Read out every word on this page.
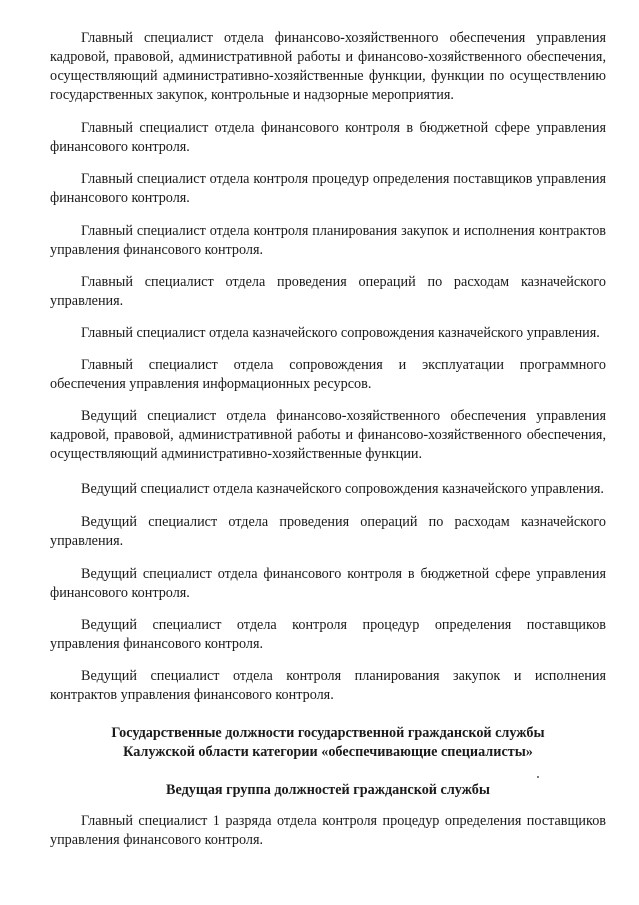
Главный специалист отдела финансово-хозяйственного обеспечения управления кадровой, правовой, административной работы и финансово-хозяйственного обеспечения, осуществляющий административно-хозяйственные функции, функции по осуществлению государственных закупок, контрольные и надзорные мероприятия.

Главный специалист отдела финансового контроля в бюджетной сфере управления финансового контроля.

Главный специалист отдела контроля процедур определения поставщиков управления финансового контроля.

Главный специалист отдела контроля планирования закупок и исполнения контрактов управления финансового контроля.

Главный специалист отдела проведения операций по расходам казначейского управления.

Главный специалист отдела казначейского сопровождения казначейского управления.

Главный специалист отдела сопровождения и эксплуатации программного обеспечения управления информационных ресурсов.

Ведущий специалист отдела финансово-хозяйственного обеспечения управления кадровой, правовой, административной работы и финансово-хозяйственного обеспечения, осуществляющий административно-хозяйственные функции.

Ведущий специалист отдела казначейского сопровождения казначейского управления.

Ведущий специалист отдела проведения операций по расходам казначейского управления.

Ведущий специалист отдела финансового контроля в бюджетной сфере управления финансового контроля.

Ведущий специалист отдела контроля процедур определения поставщиков управления финансового контроля.

Ведущий специалист отдела контроля планирования закупок и исполнения контрактов управления финансового контроля.

Государственные должности государственной гражданской службы

Калужской области категории «обеспечивающие специалисты»

Ведущая группа должностей гражданской службы

Главный специалист 1 разряда отдела контроля процедур определения поставщиков управления финансового контроля.
